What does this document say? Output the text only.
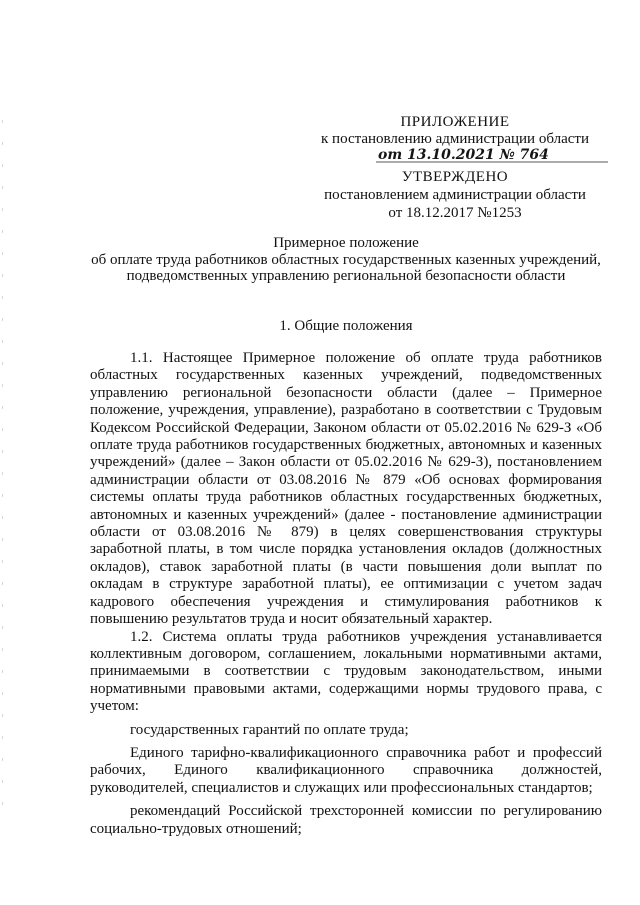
ПРИЛОЖЕНИЕ
к постановлению администрации области
от 13.10.2021 № 764
УТВЕРЖДЕНО
постановлением администрации области
от 18.12.2017 №1253
Примерное положение
об оплате труда работников областных государственных казенных учреждений, подведомственных управлению региональной безопасности области
1. Общие положения

1.1. Настоящее Примерное положение об оплате труда работников областных государственных казенных учреждений, подведомственных управлению региональной безопасности области (далее – Примерное положение, учреждения, управление), разработано в соответствии с Трудовым Кодексом Российской Федерации, Законом области от 05.02.2016 № 629-З «Об оплате труда работников государственных бюджетных, автономных и казенных учреждений» (далее – Закон области от 05.02.2016 № 629-З), постановлением администрации области от 03.08.2016 № 879 «Об основах формирования системы оплаты труда работников областных государственных бюджетных, автономных и казенных учреждений» (далее - постановление администрации области от 03.08.2016 № 879) в целях совершенствования структуры заработной платы, в том числе порядка установления окладов (должностных окладов), ставок заработной платы (в части повышения доли выплат по окладам в структуре заработной платы), ее оптимизации с учетом задач кадрового обеспечения учреждения и стимулирования работников к повышению результатов труда и носит обязательный характер.

1.2. Система оплаты труда работников учреждения устанавливается коллективным договором, соглашением, локальными нормативными актами, принимаемыми в соответствии с трудовым законодательством, иными нормативными правовыми актами, содержащими нормы трудового права, с учетом:

государственных гарантий по оплате труда;

Единого тарифно-квалификационного справочника работ и профессий рабочих, Единого квалификационного справочника должностей, руководителей, специалистов и служащих или профессиональных стандартов;

рекомендаций Российской трехсторонней комиссии по регулированию социально-трудовых отношений;
